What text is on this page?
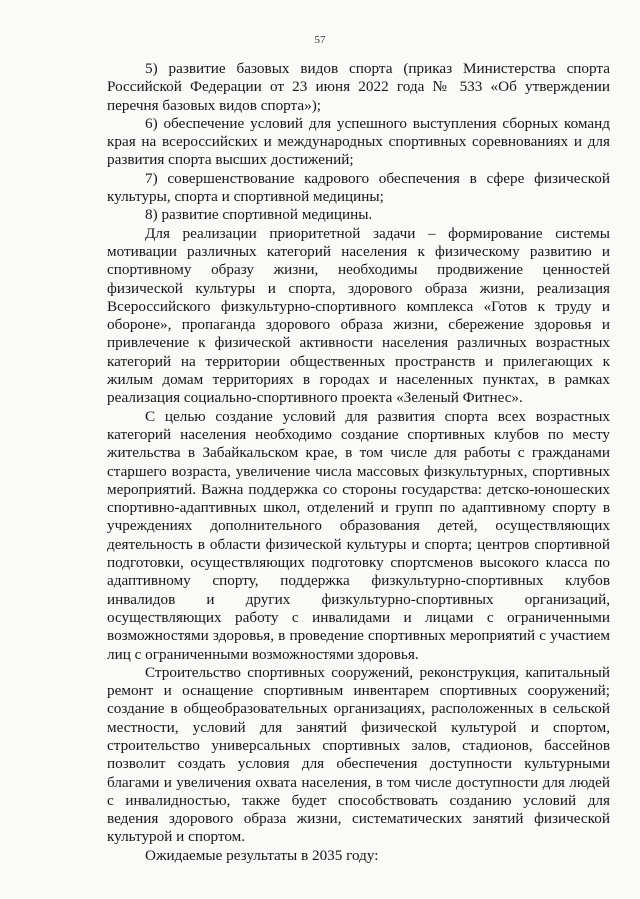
57

5) развитие базовых видов спорта (приказ Министерства спорта Российской Федерации от 23 июня 2022 года № 533 «Об утверждении перечня базовых видов спорта»);

6) обеспечение условий для успешного выступления сборных команд края на всероссийских и международных спортивных соревнованиях и для развития спорта высших достижений;

7) совершенствование кадрового обеспечения в сфере физической культуры, спорта и спортивной медицины;

8) развитие спортивной медицины.

Для реализации приоритетной задачи – формирование системы мотивации различных категорий населения к физическому развитию и спортивному образу жизни, необходимы продвижение ценностей физической культуры и спорта, здорового образа жизни, реализация Всероссийского физкультурно-спортивного комплекса «Готов к труду и обороне», пропаганда здорового образа жизни, сбережение здоровья и привлечение к физической активности населения различных возрастных категорий на территории общественных пространств и прилегающих к жилым домам территориях в городах и населенных пунктах, в рамках реализация социально-спортивного проекта «Зеленый Фитнес».

С целью создание условий для развития спорта всех возрастных категорий населения необходимо создание спортивных клубов по месту жительства в Забайкальском крае, в том числе для работы с гражданами старшего возраста, увеличение числа массовых физкультурных, спортивных мероприятий. Важна поддержка со стороны государства: детско-юношеских спортивно-адаптивных школ, отделений и групп по адаптивному спорту в учреждениях дополнительного образования детей, осуществляющих деятельность в области физической культуры и спорта; центров спортивной подготовки, осуществляющих подготовку спортсменов высокого класса по адаптивному спорту, поддержка физкультурно-спортивных клубов инвалидов и других физкультурно-спортивных организаций, осуществляющих работу с инвалидами и лицами с ограниченными возможностями здоровья, в проведение спортивных мероприятий с участием лиц с ограниченными возможностями здоровья.

Строительство спортивных сооружений, реконструкция, капитальный ремонт и оснащение спортивным инвентарем спортивных сооружений; создание в общеобразовательных организациях, расположенных в сельской местности, условий для занятий физической культурой и спортом, строительство универсальных спортивных залов, стадионов, бассейнов позволит создать условия для обеспечения доступности культурными благами и увеличения охвата населения, в том числе доступности для людей с инвалидностью, также будет способствовать созданию условий для ведения здорового образа жизни, систематических занятий физической культурой и спортом.

Ожидаемые результаты в 2035 году:
